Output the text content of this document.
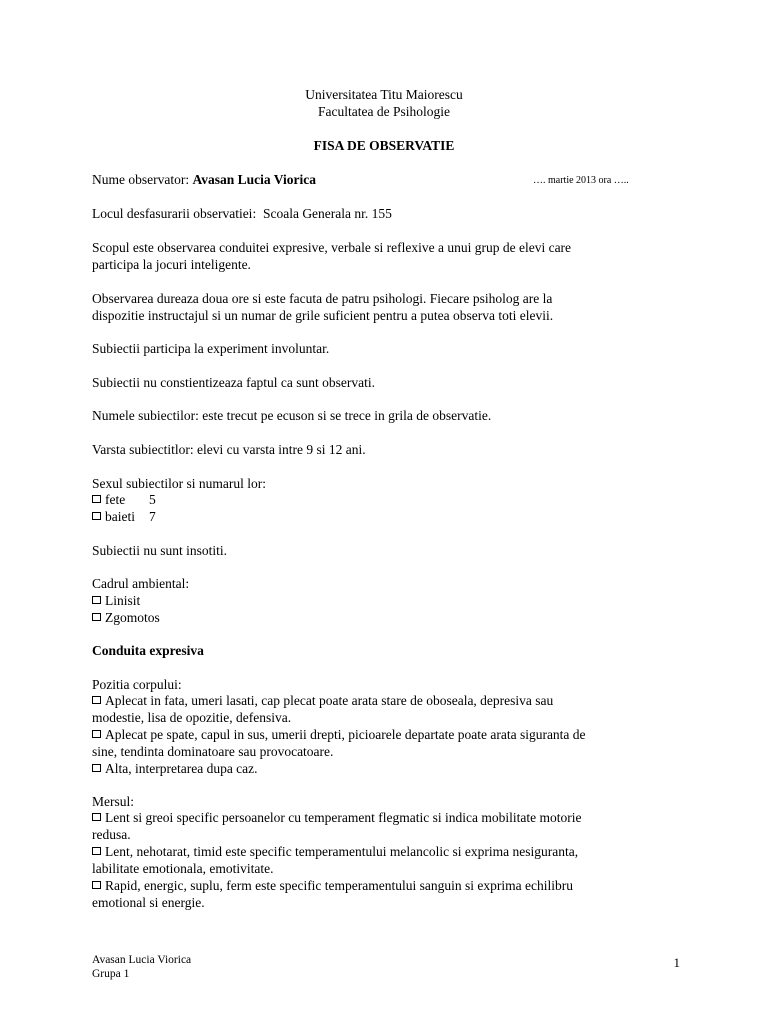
Universitatea Titu Maiorescu
Facultatea de Psihologie
FISA DE OBSERVATIE
Nume observator: Avasan Lucia Viorica	…. martie 2013 ora …..
Locul desfasurarii observatiei: Scoala Generala nr. 155
Scopul este observarea conduitei expresive, verbale si reflexive a unui grup de elevi care
participa la jocuri inteligente.
Observarea dureaza doua ore si este facuta de patru psihologi. Fiecare psiholog are la
dispozitie instructajul si un numar de grile suficient pentru a putea observa toti elevii.
Subiectii participa la experiment involuntar.
Subiectii nu constientizeaza faptul ca sunt observati.
Numele subiectilor: este trecut pe ecuson si se trece in grila de observatie.
Varsta subiectitlor: elevi cu varsta intre 9 si 12 ani.
Sexul subiectilor si numarul lor:
fete 5
baieti 7
Subiectii nu sunt insotiti.
Cadrul ambiental:
Linisit
Zgomotos
Conduita expresiva
Pozitia corpului:
Aplecat in fata, umeri lasati, cap plecat poate arata stare de oboseala, depresiva sau
modestie, lisa de opozitie, defensiva.
Aplecat pe spate, capul in sus, umerii drepti, picioarele departate poate arata siguranta de
sine, tendinta dominatoare sau provocatoare.
Alta, interpretarea dupa caz.
Mersul:
Lent si greoi specific persoanelor cu temperament flegmatic si indica mobilitate motorie
redusa.
Lent, nehotarat, timid este specific temperamentului melancolic si exprima nesiguranta,
labilitate emotionala, emotivitate.
Rapid, energic, suplu, ferm este specific temperamentului sanguin si exprima echilibru
emotional si energie.
Avasan Lucia Viorica
Grupa 1
1
